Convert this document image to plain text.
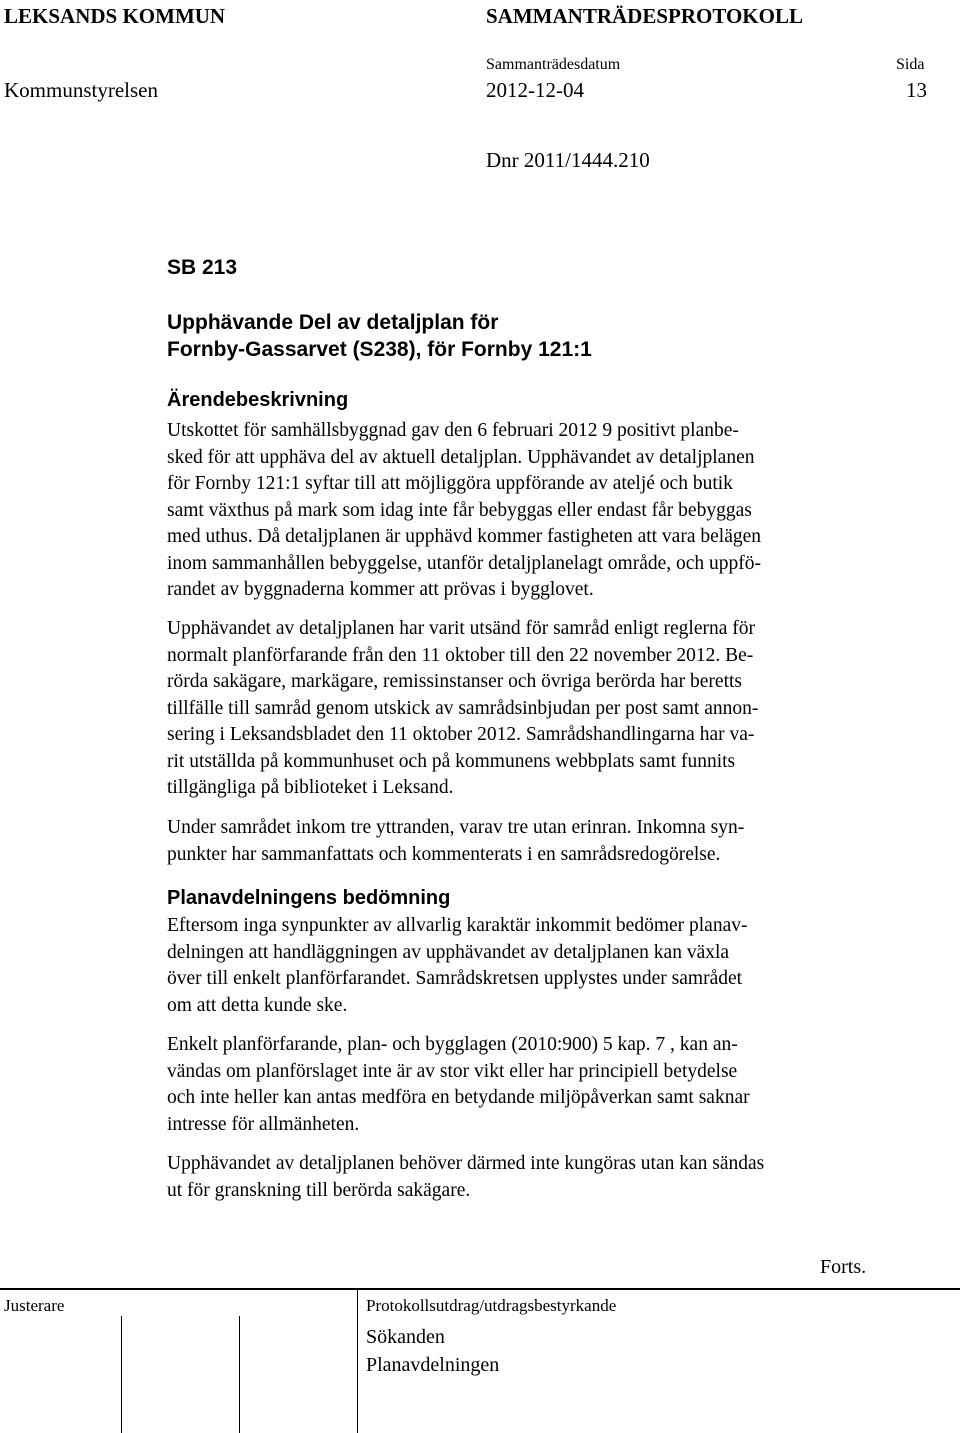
LEKSANDS KOMMUN	SAMMANTRÄDESPROTOKOLL
Sammanträdesdatum	Sida
Kommunstyrelsen	2012-12-04	13
Dnr 2011/1444.210
SB 213
Upphävande Del av detaljplan för
Fornby-Gassarvet (S238), för Fornby 121:1
Ärendebeskrivning
Utskottet för samhällsbyggnad gav den 6 februari 2012 9 positivt planbe-
sked för att upphäva del av aktuell detaljplan. Upphävandet av detaljplanen
för Fornby 121:1 syftar till att möjliggöra uppförande av ateljé och butik
samt växthus på mark som idag inte får bebyggas eller endast får bebyggas
med uthus. Då detaljplanen är upphävd kommer fastigheten att vara belägen
inom sammanhållen bebyggelse, utanför detaljplanelagt område, och uppfö-
randet av byggnaderna kommer att prövas i bygglovet.
Upphävandet av detaljplanen har varit utsänd för samråd enligt reglerna för
normalt planförfarande från den 11 oktober till den 22 november 2012. Be-
rörda sakägare, markägare, remissinstanser och övriga berörda har beretts
tillfälle till samråd genom utskick av samrådsinbjudan per post samt annon-
sering i Leksandsbladet den 11 oktober 2012. Samrådshandlingarna har va-
rit utställda på kommunhuset och på kommunens webbplats samt funnits
tillgängliga på biblioteket i Leksand.
Under samrådet inkom tre yttranden, varav tre utan erinran. Inkomna syn-
punkter har sammanfattats och kommenterats i en samrådsredogörelse.
Planavdelningens bedömning
Eftersom inga synpunkter av allvarlig karaktär inkommit bedömer planav-
delningen att handläggningen av upphävandet av detaljplanen kan växla
över till enkelt planförfarandet. Samrådskretsen upplystes under samrådet
om att detta kunde ske.
Enkelt planförfarande, plan- och bygglagen (2010:900) 5 kap. 7 , kan an-
vändas om planförslaget inte är av stor vikt eller har principiell betydelse
och inte heller kan antas medföra en betydande miljöpåverkan samt saknar
intresse för allmänheten.
Upphävandet av detaljplanen behöver därmed inte kungöras utan kan sändas
ut för granskning till berörda sakägare.
Forts.
Justerare	Protokollsutdrag/utdragsbestyrkande
Sökanden
Planavdelningen
